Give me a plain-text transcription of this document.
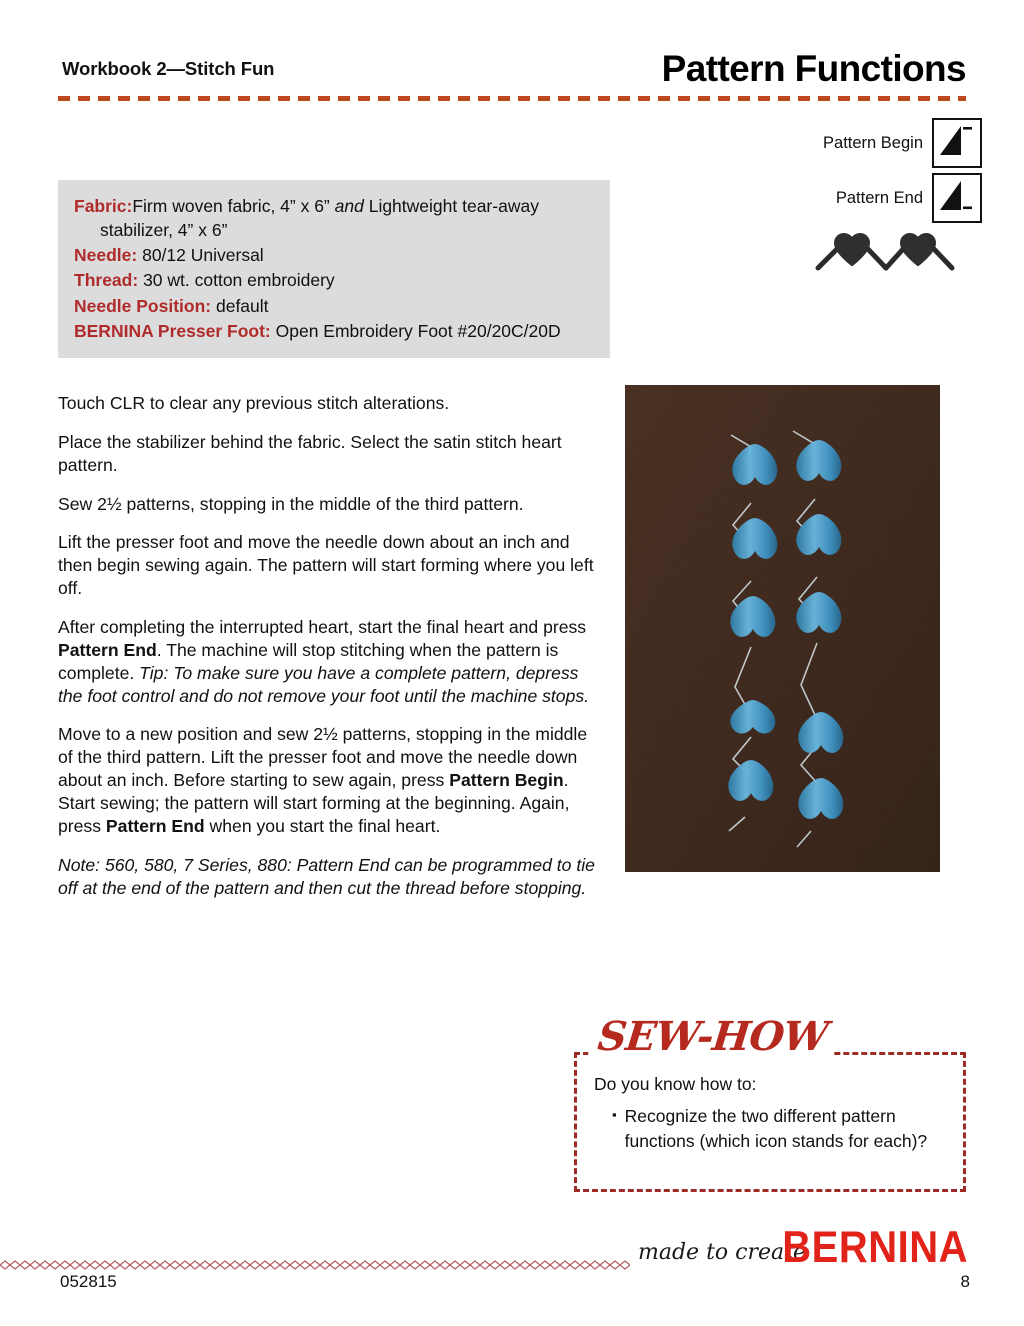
Workbook 2—Stitch Fun	Pattern Functions
Pattern Begin
Pattern End

Fabric:Firm woven fabric, 4” x 6” and Lightweight tear-away
stabilizer, 4” x 6”

Needle: 80/12 Universal

Thread: 30 wt. cotton embroidery

Needle Position: default

BERNINA Presser Foot: Open Embroidery Foot #20/20C/20D

Touch CLR to clear any previous stitch alterations.

Place the stabilizer behind the fabric. Select the satin stitch heart pattern.

Sew 2½ patterns, stopping in the middle of the third pattern.

Lift the presser foot and move the needle down about an inch and then begin sewing again. The pattern will start forming where you left off.

After completing the interrupted heart, start the final heart and press Pattern End. The machine will stop stitching when the pattern is complete. Tip: To make sure you have a complete pattern, depress the foot control and do not remove your foot until the machine stops.

Move to a new position and sew 2½ patterns, stopping in the middle of the third pattern. Lift the presser foot and move the needle down about an inch. Before starting to sew again, press Pattern Begin. Start sewing; the pattern will start forming at the beginning. Again, press Pattern End when you start the final heart.

Note: 560, 580, 7 Series, 880: Pattern End can be programmed to tie off at the end of the pattern and then cut the thread before stopping.

SEW-HOW
Do you know how to:
▪ Recognize the two different pattern functions (which icon stands for each)?
052815
made to create
BERNINA
8
